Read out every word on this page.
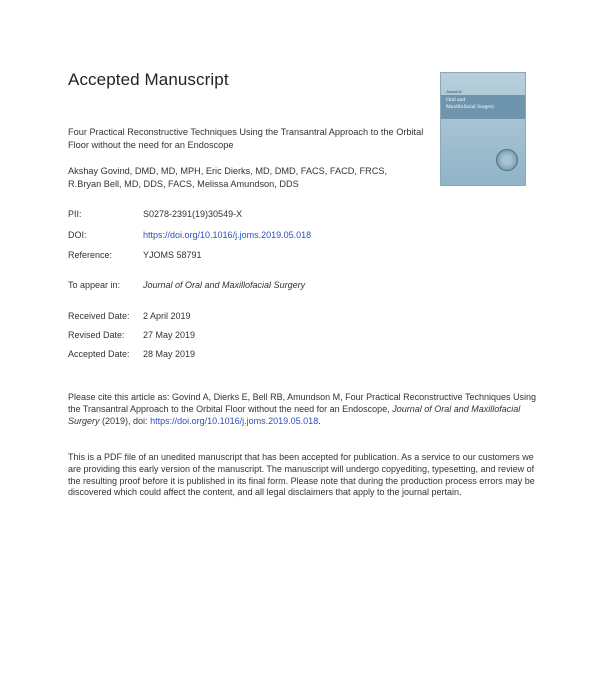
Accepted Manuscript
Journal of
Oral and
Maxillofacial Surgery
Four Practical Reconstructive Techniques Using the Transantral Approach to the Orbital Floor without the need for an Endoscope
Akshay Govind, DMD, MD, MPH, Eric Dierks, MD, DMD, FACS, FACD, FRCS,
R.Bryan Bell, MD, DDS, FACS, Melissa Amundson, DDS
PII:	S0278-2391(19)30549-X
DOI:	https://doi.org/10.1016/j.joms.2019.05.018
Reference:	YJOMS 58791
To appear in:	Journal of Oral and Maxillofacial Surgery
Received Date: 2 April 2019
Revised Date: 27 May 2019
Accepted Date: 28 May 2019
Please cite this article as: Govind A, Dierks E, Bell RB, Amundson M, Four Practical Reconstructive Techniques Using the Transantral Approach to the Orbital Floor without the need for an Endoscope, Journal of Oral and Maxillofacial Surgery (2019), doi: https://doi.org/10.1016/j.joms.2019.05.018.
This is a PDF file of an unedited manuscript that has been accepted for publication. As a service to our customers we are providing this early version of the manuscript. The manuscript will undergo copyediting, typesetting, and review of the resulting proof before it is published in its final form. Please note that during the production process errors may be discovered which could affect the content, and all legal disclaimers that apply to the journal pertain.
